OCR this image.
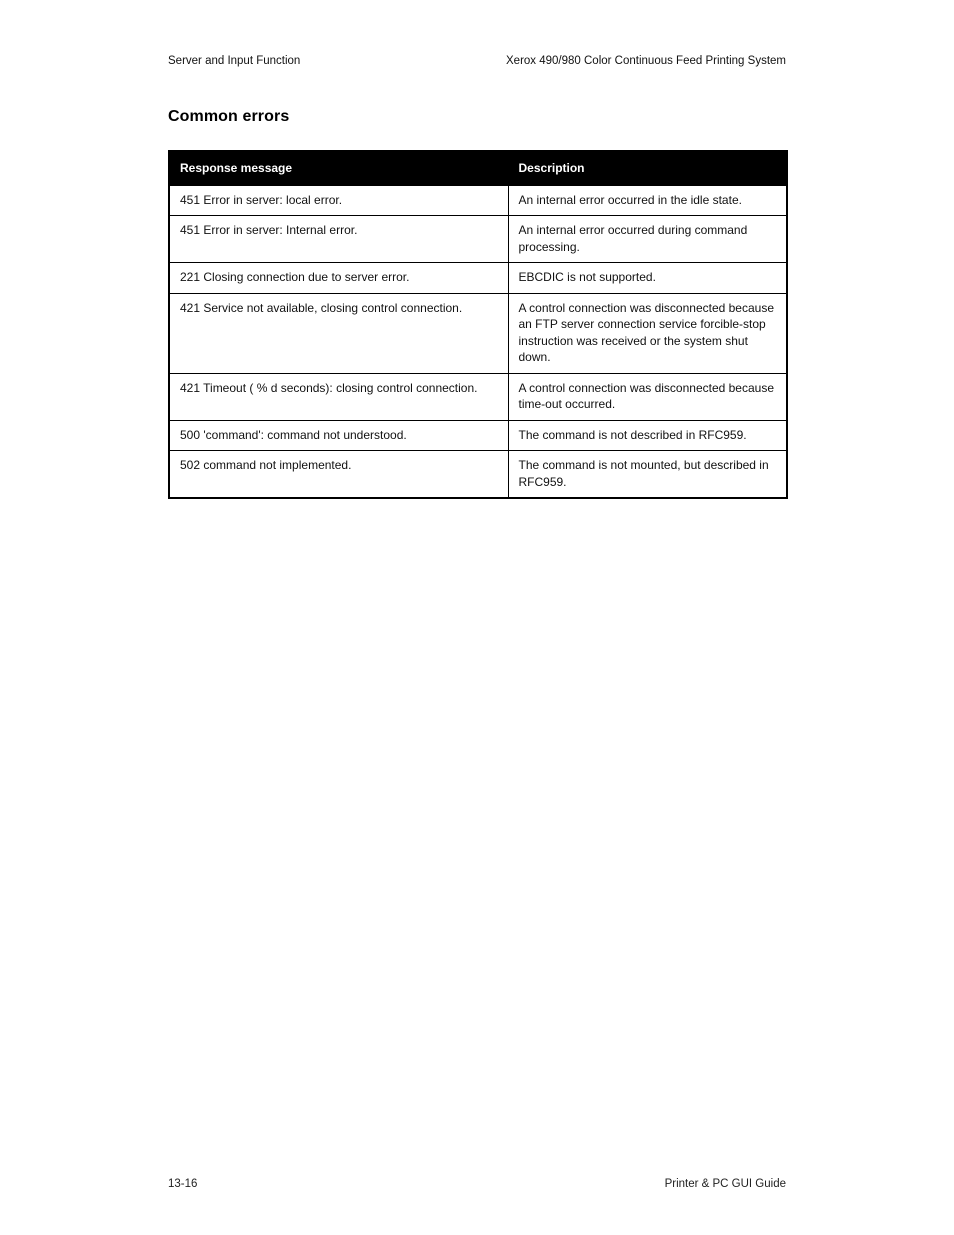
Server and Input Function	Xerox 490/980 Color Continuous Feed Printing System
Common errors
Response message	Description
451 Error in server: local error.	An internal error occurred in the idle state.
451 Error in server: Internal error.	An internal error occurred during command processing.
221 Closing connection due to server error.	EBCDIC is not supported.
421 Service not available, closing control connection.	A control connection was disconnected because an FTP server connection service forcible-stop instruction was received or the system shut down.
421 Timeout ( % d seconds): closing control connection.	A control connection was disconnected because time-out occurred.
500 'command': command not understood.	The command is not described in RFC959.
502 command not implemented.	The command is not mounted, but described in RFC959.
13-16	Printer & PC GUI Guide
